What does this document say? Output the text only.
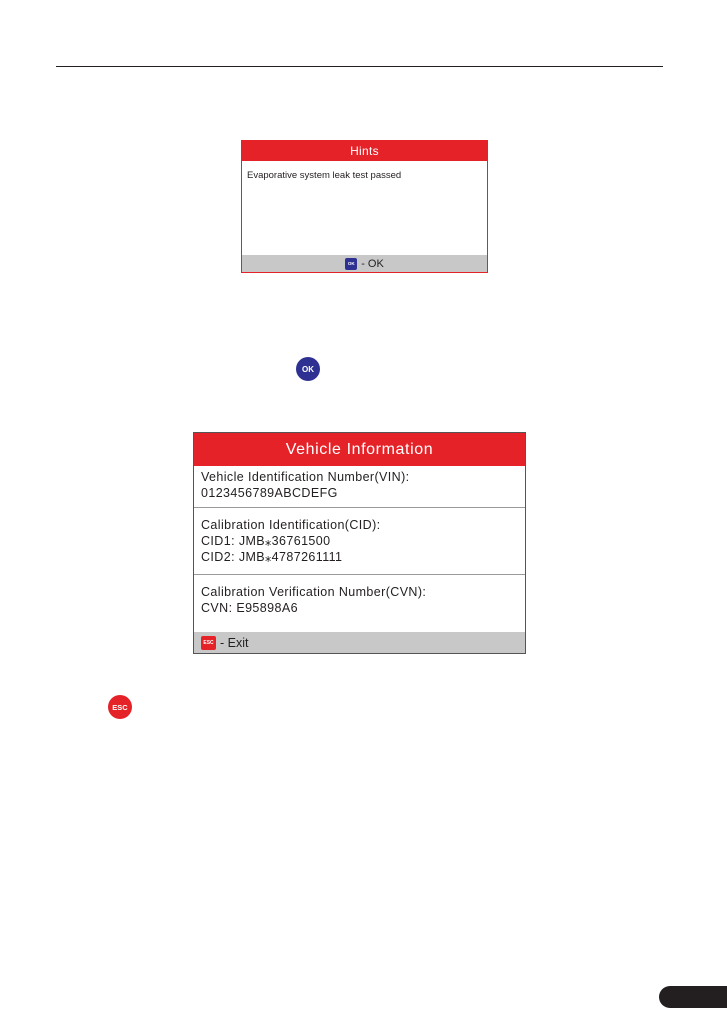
Hints
Evaporative system leak test passed
OK - OK
OK
Vehicle Information
Vehicle Identification Number(VIN):
0123456789ABCDEFG
Calibration Identification(CID):
CID1: JMB⁎36761500
CID2: JMB⁎4787261111
Calibration Verification Number(CVN):
CVN: E95898A6
ESC - Exit
ESC
